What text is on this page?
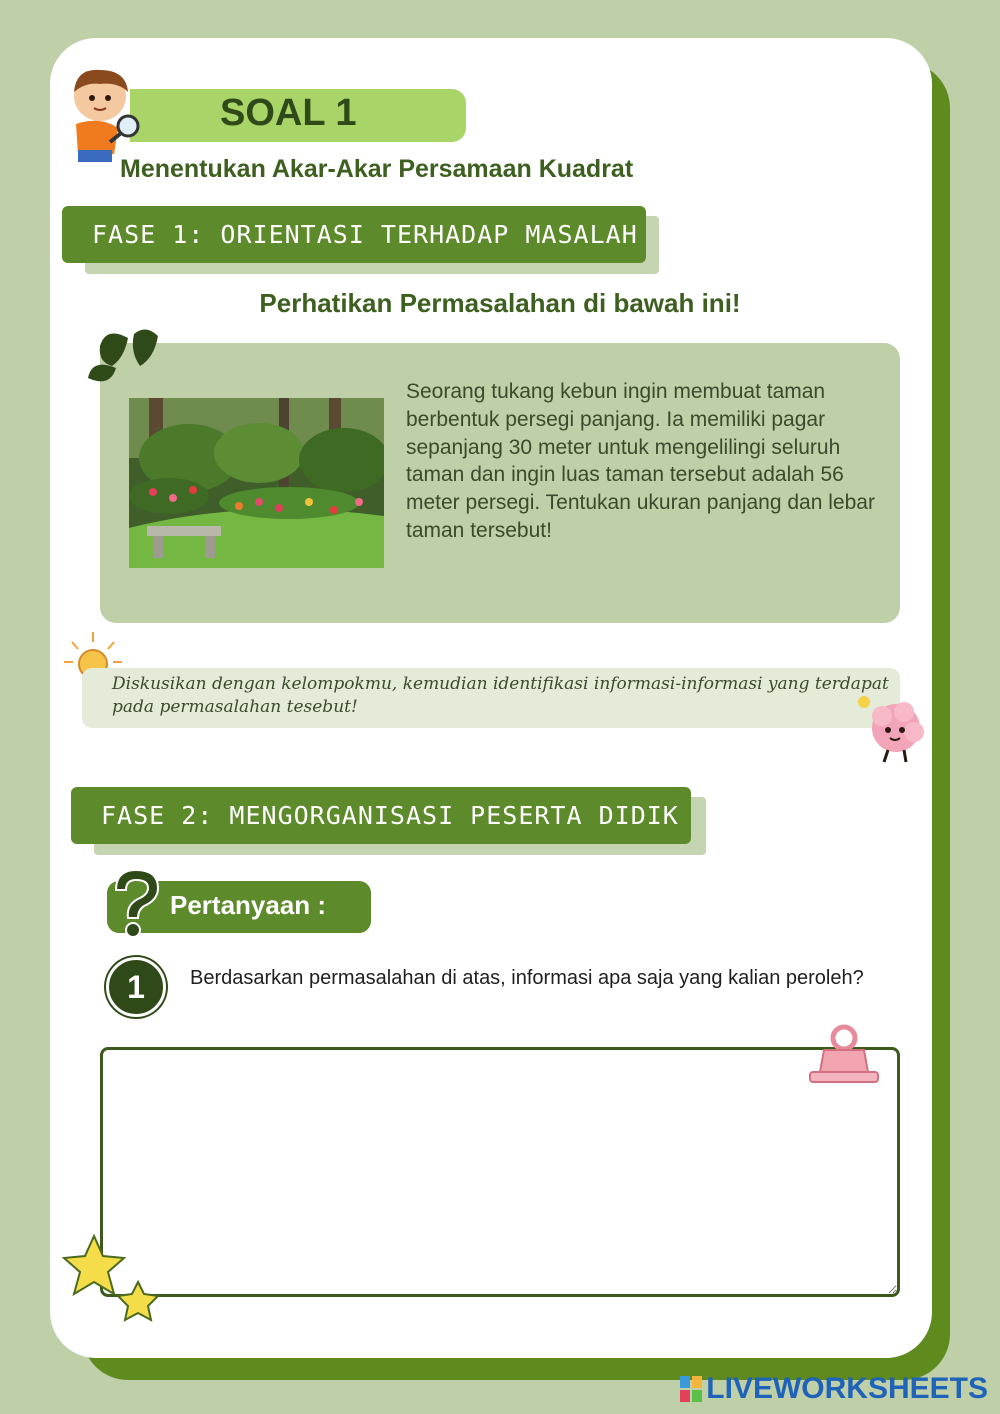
SOAL 1
Menentukan Akar-Akar Persamaan Kuadrat
FASE 1: ORIENTASI TERHADAP MASALAH
Perhatikan Permasalahan di bawah ini!
Seorang tukang kebun ingin membuat taman berbentuk persegi panjang. Ia memiliki pagar sepanjang 30 meter untuk mengelilingi seluruh taman dan ingin luas taman tersebut adalah 56 meter persegi. Tentukan ukuran panjang dan lebar taman tersebut!
Diskusikan dengan kelompokmu, kemudian identifikasi informasi-informasi yang terdapat pada permasalahan tesebut!
FASE 2: MENGORGANISASI PESERTA DIDIK
Pertanyaan :
1	Berdasarkan permasalahan di atas, informasi apa saja yang kalian peroleh?
LIVEWORKSHEETS
